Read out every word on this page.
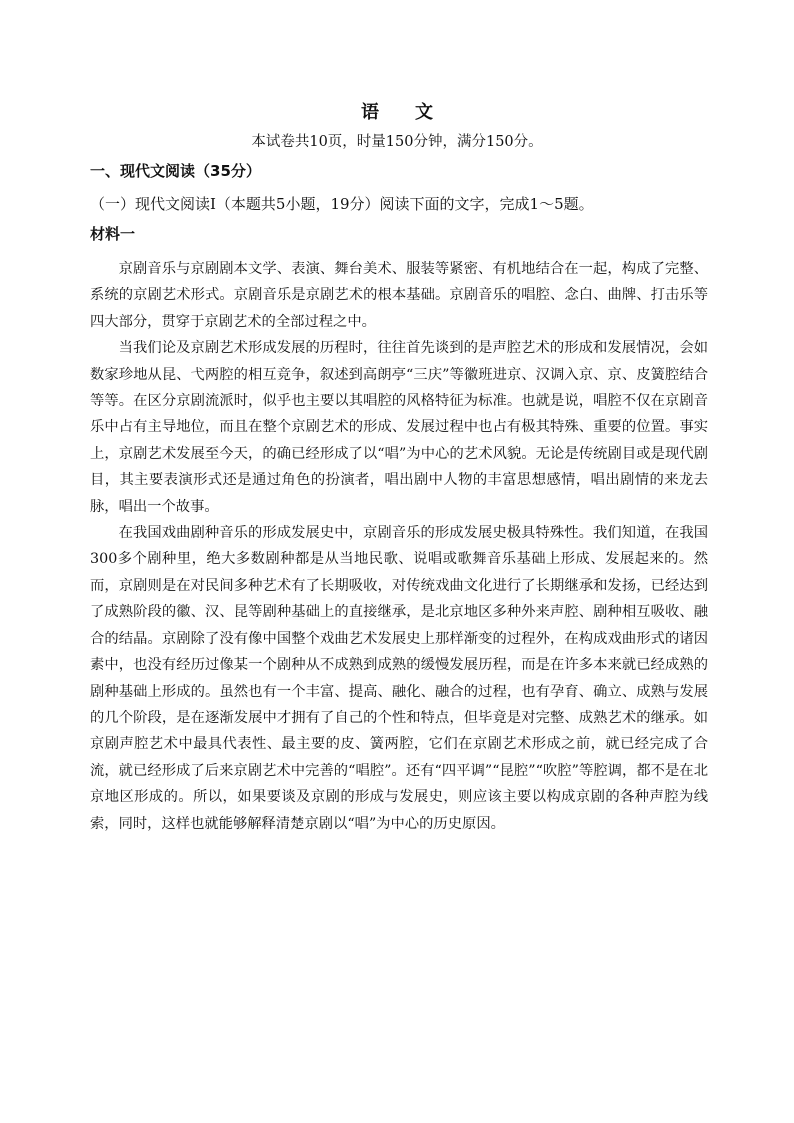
语　　文
本试卷共10页，时量150分钟，满分150分。
一、现代文阅读（35分）
（一）现代文阅读Ⅰ（本题共5小题，19分）阅读下面的文字，完成1～5题。
材料一

京剧音乐与京剧剧本文学、表演、舞台美术、服装等紧密、有机地结合在一起，构成了完整、系统的京剧艺术形式。京剧音乐是京剧艺术的根本基础。京剧音乐的唱腔、念白、曲牌、打击乐等四大部分，贯穿于京剧艺术的全部过程之中。

当我们论及京剧艺术形成发展的历程时，往往首先谈到的是声腔艺术的形成和发展情况，会如数家珍地从昆、弋两腔的相互竞争，叙述到高朗亭“三庆”等徽班进京、汉调入京、京、皮簧腔结合等等。在区分京剧流派时，似乎也主要以其唱腔的风格特征为标准。也就是说，唱腔不仅在京剧音乐中占有主导地位，而且在整个京剧艺术的形成、发展过程中也占有极其特殊、重要的位置。事实上，京剧艺术发展至今天，的确已经形成了以“唱”为中心的艺术风貌。无论是传统剧目或是现代剧目，其主要表演形式还是通过角色的扮演者，唱出剧中人物的丰富思想感情，唱出剧情的来龙去脉，唱出一个故事。

在我国戏曲剧种音乐的形成发展史中，京剧音乐的形成发展史极具特殊性。我们知道，在我国300多个剧种里，绝大多数剧种都是从当地民歌、说唱或歌舞音乐基础上形成、发展起来的。然而，京剧则是在对民间多种艺术有了长期吸收，对传统戏曲文化进行了长期继承和发扬，已经达到了成熟阶段的徽、汉、昆等剧种基础上的直接继承，是北京地区多种外来声腔、剧种相互吸收、融合的结晶。京剧除了没有像中国整个戏曲艺术发展史上那样渐变的过程外，在构成戏曲形式的诸因素中，也没有经历过像某一个剧种从不成熟到成熟的缓慢发展历程，而是在许多本来就已经成熟的剧种基础上形成的。虽然也有一个丰富、提高、融化、融合的过程，也有孕育、确立、成熟与发展的几个阶段，是在逐渐发展中才拥有了自己的个性和特点，但毕竟是对完整、成熟艺术的继承。如京剧声腔艺术中最具代表性、最主要的皮、簧两腔，它们在京剧艺术形成之前，就已经完成了合流，就已经形成了后来京剧艺术中完善的“唱腔”。还有“四平调”“昆腔”“吹腔”等腔调，都不是在北京地区形成的。所以，如果要谈及京剧的形成与发展史，则应该主要以构成京剧的各种声腔为线索，同时，这样也就能够解释清楚京剧以“唱”为中心的历史原因。
